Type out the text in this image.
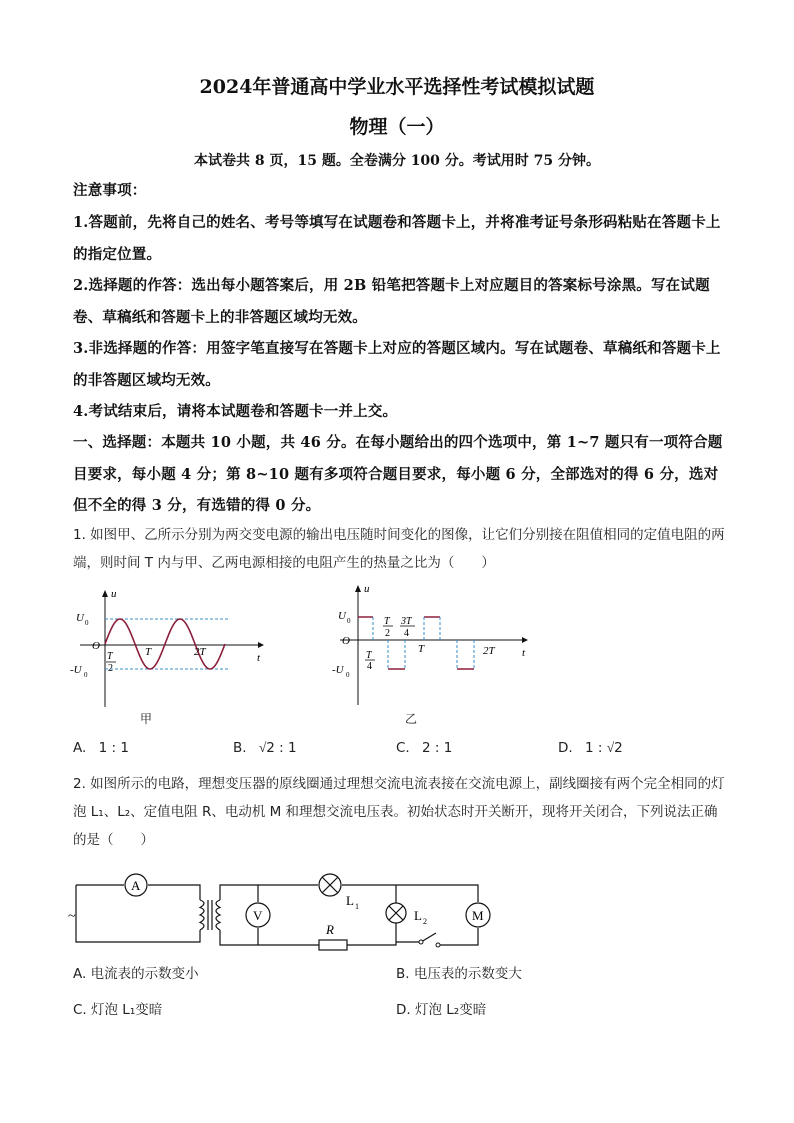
2024年普通高中学业水平选择性考试模拟试题
物理（一）
本试卷共 8 页，15 题。全卷满分 100 分。考试用时 75 分钟。
注意事项：
1.答题前，先将自己的姓名、考号等填写在试题卷和答题卡上，并将准考证号条形码粘贴在答题卡上的指定位置。
2.选择题的作答：选出每小题答案后，用 2B 铅笔把答题卡上对应题目的答案标号涂黑。写在试题卷、草稿纸和答题卡上的非答题区域均无效。
3.非选择题的作答：用签字笔直接写在答题卡上对应的答题区域内。写在试题卷、草稿纸和答题卡上的非答题区域均无效。
4.考试结束后，请将本试题卷和答题卡一并上交。
一、选择题：本题共 10 小题，共 46 分。在每小题给出的四个选项中，第 1~7 题只有一项符合题目要求，每小题 4 分；第 8~10 题有多项符合题目要求，每小题 6 分，全部选对的得 6 分，选对但不全的得 3 分，有选错的得 0 分。
1. 如图甲、乙所示分别为两交变电源的输出电压随时间变化的图像，让它们分别接在阻值相同的定值电阻的两端，则时间 T 内与甲、乙两电源相接的电阻产生的热量之比为（　　）
u
t
U 0
O
-U 0
T
2
T	2T
甲
u
t
U 0
O
-U 0
T
4
T
2
3T
4
T	2T
乙
A. 1 : 1	B. √2 : 1	C. 2 : 1	D. 1 : √2
2. 如图所示的电路，理想变压器的原线圈通过理想交流电流表接在交流电源上，副线圈接有两个完全相同的灯泡 L₁、L₂、定值电阻 R、电动机 M 和理想交流电压表。初始状态时开关断开，现将开关闭合，下列说法正确的是（　　）
A
V
L 1
L 2	M
R
~
A. 电流表的示数变小	B. 电压表的示数变大
C. 灯泡 L₁变暗	D. 灯泡 L₂变暗
